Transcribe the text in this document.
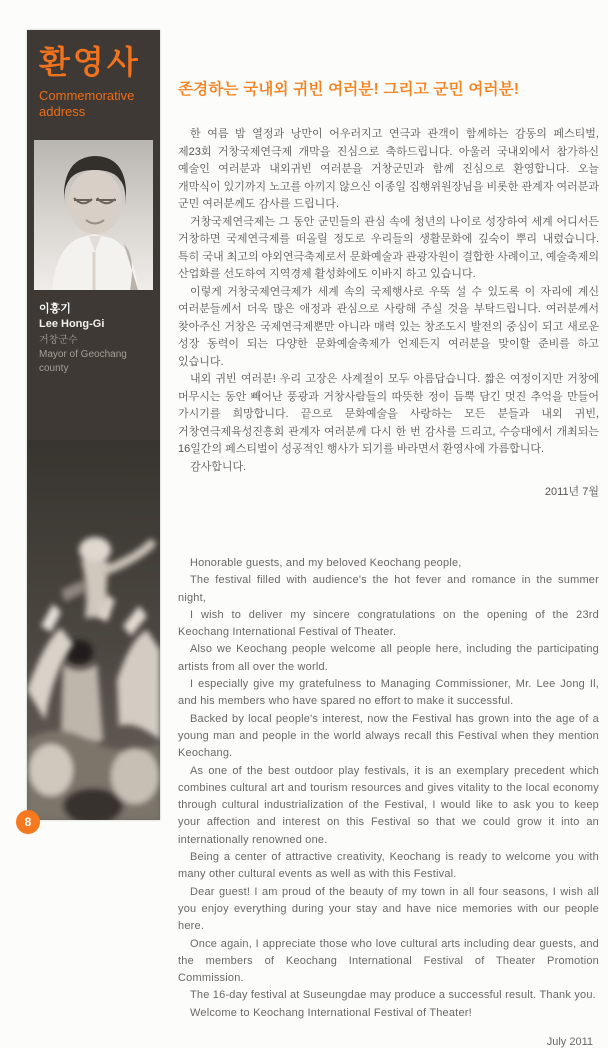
환영사
Commemorative address
이홍기
Lee Hong-Gi
거창군수
Mayor of Geochang county
8
존경하는 국내외 귀빈 여러분! 그리고 군민 여러분!

한 여름 밤 열정과 낭만이 어우러지고 연극과 관객이 함께하는 감동의 페스티벌, 제23회 거창국제연극제 개막을 진심으로 축하드립니다. 아울러 국내외에서 참가하신 예술인 여러분과 내외귀빈 여러분을 거창군민과 함께 진심으로 환영합니다. 오늘 개막식이 있기까지 노고를 아끼지 않으신 이종일 집행위원장님을 비롯한 관계자 여러분과 군민 여러분께도 감사를 드립니다.

거창국제연극제는 그 동안 군민들의 관심 속에 청년의 나이로 성장하여 세계 어디서든 거창하면 국제연극제를 떠올릴 정도로 우리들의 생활문화에 깊숙이 뿌리 내렸습니다. 특히 국내 최고의 야외연극축제로서 문화예술과 관광자원이 결합한 사례이고, 예술축제의 산업화를 선도하여 지역경제 활성화에도 이바지 하고 있습니다.

이렇게 거창국제연극제가 세계 속의 국제행사로 우뚝 설 수 있도록 이 자리에 계신 여러분들께서 더욱 많은 애정과 관심으로 사랑해 주실 것을 부탁드립니다. 여러분께서 찾아주신 거창은 국제연극제뿐만 아니라 매력 있는 창조도시 발전의 중심이 되고 새로운 성장 동력이 되는 다양한 문화예술축제가 언제든지 여러분을 맞이할 준비를 하고 있습니다.

내외 귀빈 여러분! 우리 고장은 사계절이 모두 아름답습니다. 짧은 여정이지만 거창에 머무시는 동안 빼어난 풍광과 거창사람들의 따뜻한 정이 듬뿍 담긴 멋진 추억을 만들어 가시기를 희망합니다. 끝으로 문화예술을 사랑하는 모든 분들과 내외 귀빈, 거창연극제육성진흥회 관계자 여러분께 다시 한 번 감사를 드리고, 수승대에서 개최되는 16일간의 페스티벌이 성공적인 행사가 되기를 바라면서 환영사에 가름합니다.

감사합니다.

2011년 7월

Honorable guests, and my beloved Keochang people,

The festival filled with audience's the hot fever and romance in the summer night,

I wish to deliver my sincere congratulations on the opening of the 23rd Keochang International Festival of Theater.

Also we Keochang people welcome all people here, including the participating artists from all over the world.

I especially give my gratefulness to Managing Commissioner, Mr. Lee Jong Il, and his members who have spared no effort to make it successful.

Backed by local people's interest, now the Festival has grown into the age of a young man and people in the world always recall this Festival when they mention Keochang.

As one of the best outdoor play festivals, it is an exemplary precedent which combines cultural art and tourism resources and gives vitality to the local economy through cultural industrialization of the Festival, I would like to ask you to keep your affection and interest on this Festival so that we could grow it into an internationally renowned one.

Being a center of attractive creativity, Keochang is ready to welcome you with many other cultural events as well as with this Festival.

Dear guest! I am proud of the beauty of my town in all four seasons, I wish all you enjoy everything during your stay and have nice memories with our people here.

Once again, I appreciate those who love cultural arts including dear guests, and the members of Keochang International Festival of Theater Promotion Commission.

The 16-day festival at Suseungdae may produce a successful result. Thank you.

Welcome to Keochang International Festival of Theater!

July 2011
